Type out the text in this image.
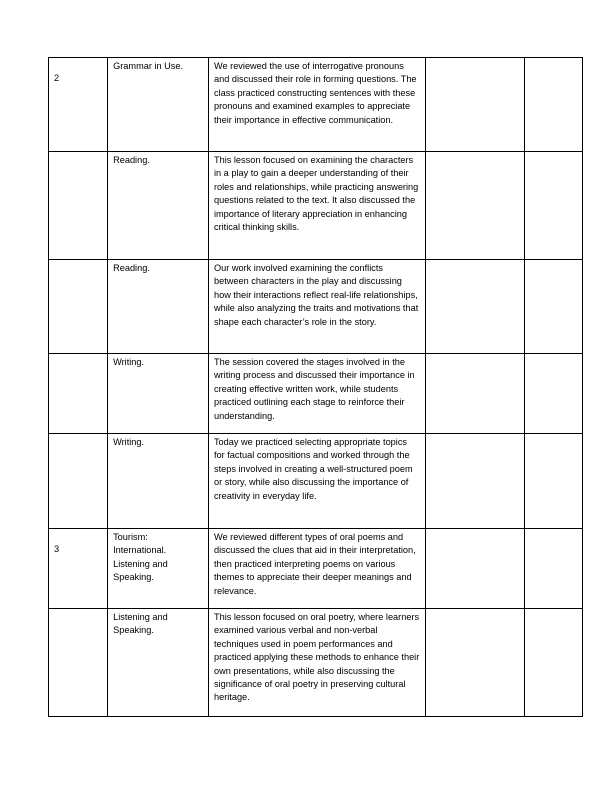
2	Grammar in Use.	We reviewed the use of interrogative pronouns and discussed their role in forming questions. The class practiced constructing sentences with these pronouns and examined examples to appreciate their importance in effective communication.		

	Reading.	This lesson focused on examining the characters in a play to gain a deeper understanding of their roles and relationships, while practicing answering questions related to the text. It also discussed the importance of literary appreciation in enhancing critical thinking skills.		

	Reading.	Our work involved examining the conflicts between characters in the play and discussing how their interactions reflect real-life relationships, while also analyzing the traits and motivations that shape each character’s role in the story.		

	Writing.	The session covered the stages involved in the writing process and discussed their importance in creating effective written work, while students practiced outlining each stage to reinforce their understanding.		

	Writing.	Today we practiced selecting appropriate topics for factual compositions and worked through the steps involved in creating a well-structured poem or story, while also discussing the importance of creativity in everyday life.		

3	Tourism: International. Listening and Speaking.	We reviewed different types of oral poems and discussed the clues that aid in their interpretation, then practiced interpreting poems on various themes to appreciate their deeper meanings and relevance.		

	Listening and Speaking.	This lesson focused on oral poetry, where learners examined various verbal and non-verbal techniques used in poem performances and practiced applying these methods to enhance their own presentations, while also discussing the significance of oral poetry in preserving cultural heritage.		
